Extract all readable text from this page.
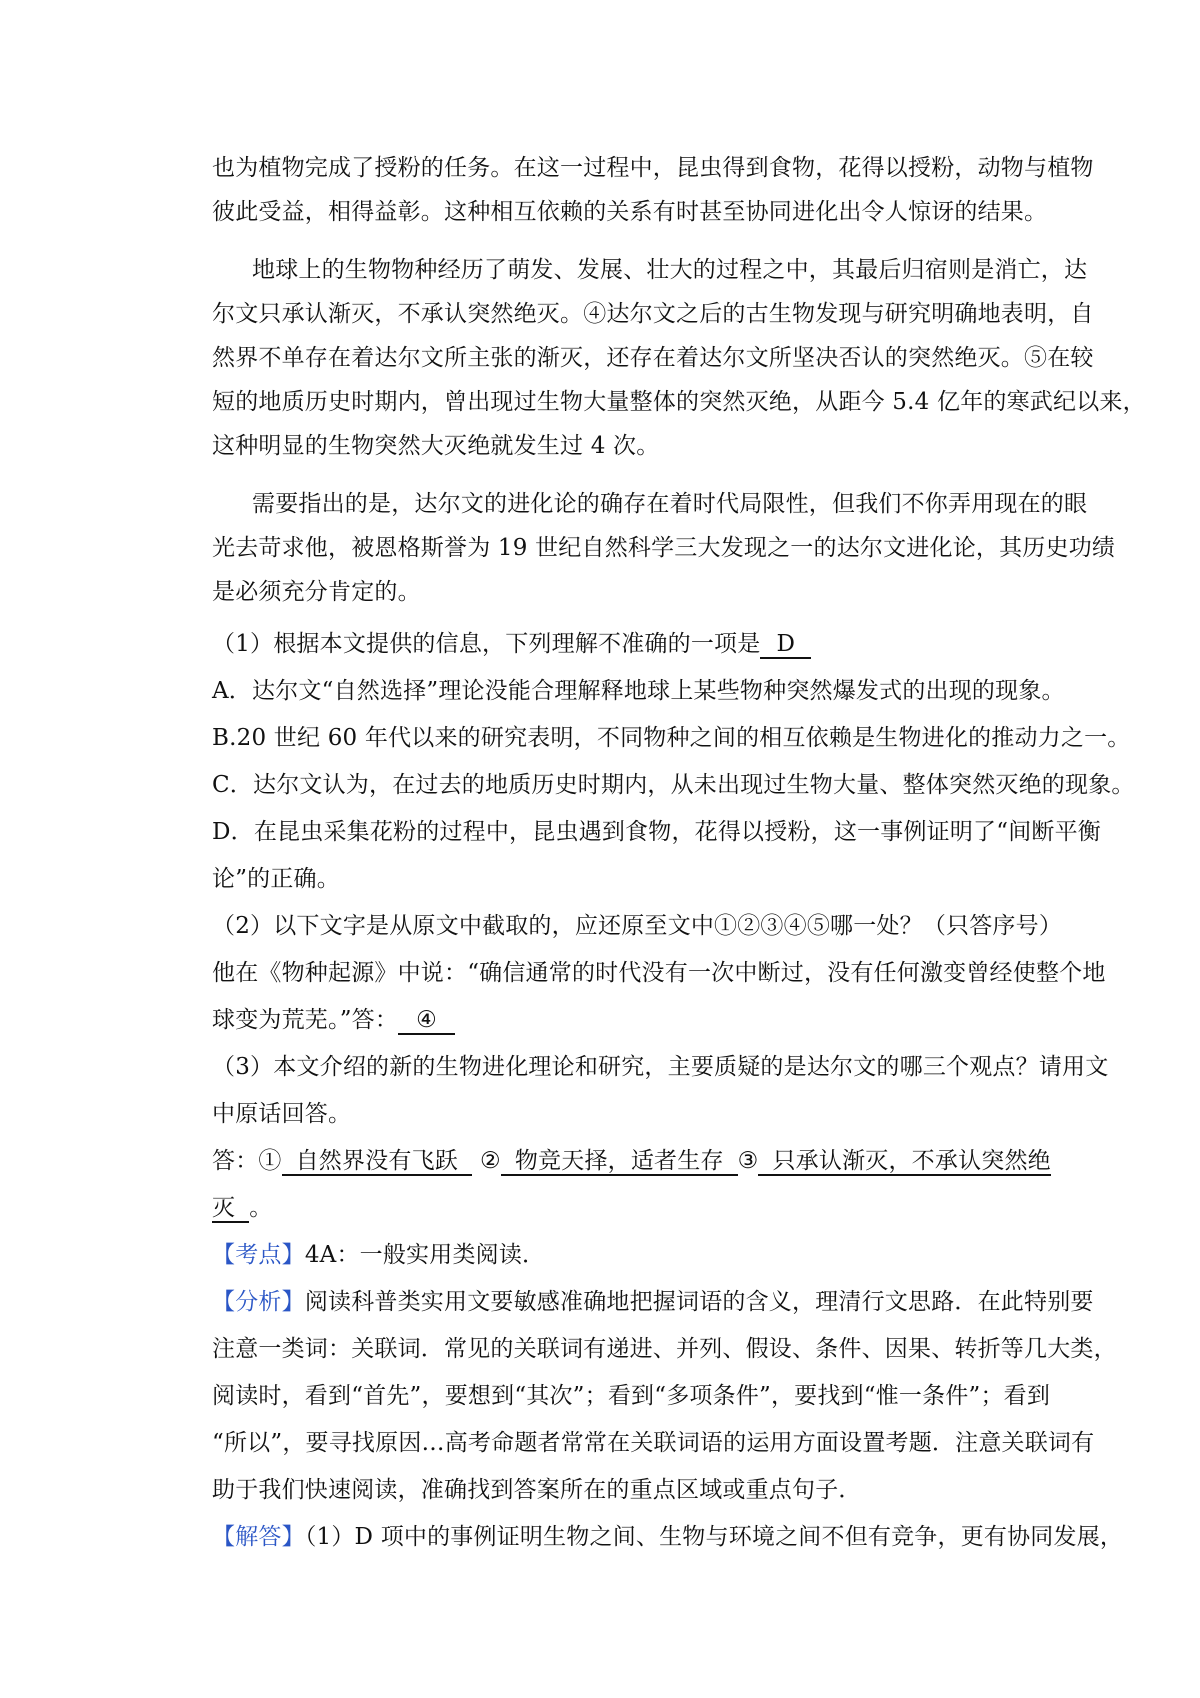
也为植物完成了授粉的任务。在这一过程中，昆虫得到食物，花得以授粉，动物与植物

彼此受益，相得益彰。这种相互依赖的关系有时甚至协同进化出令人惊讶的结果。

地球上的生物物种经历了萌发、发展、壮大的过程之中，其最后归宿则是消亡，达

尔文只承认渐灭，不承认突然绝灭。④达尔文之后的古生物发现与研究明确地表明，自

然界不单存在着达尔文所主张的渐灭，还存在着达尔文所坚决否认的突然绝灭。⑤在较

短的地质历史时期内，曾出现过生物大量整体的突然灭绝，从距今 5.4 亿年的寒武纪以来，

这种明显的生物突然大灭绝就发生过 4 次。

需要指出的是，达尔文的进化论的确存在着时代局限性，但我们不你弄用现在的眼

光去苛求他，被恩格斯誉为 19 世纪自然科学三大发现之一的达尔文进化论，其历史功绩

是必须充分肯定的。

（1）根据本文提供的信息，下列理解不准确的一项是 D

A．达尔文“自然选择”理论没能合理解释地球上某些物种突然爆发式的出现的现象。

B.20 世纪 60 年代以来的研究表明，不同物种之间的相互依赖是生物进化的推动力之一。

C．达尔文认为，在过去的地质历史时期内，从未出现过生物大量、整体突然灭绝的现象。

D．在昆虫采集花粉的过程中，昆虫遇到食物，花得以授粉，这一事例证明了“间断平衡

论”的正确。

（2）以下文字是从原文中截取的，应还原至文中①②③④⑤哪一处？（只答序号）

他在《物种起源》中说：“确信通常的时代没有一次中断过，没有任何激变曾经使整个地

球变为荒芜。”答： ④

（3）本文介绍的新的生物进化理论和研究，主要质疑的是达尔文的哪三个观点？请用文

中原话回答。

答：① 自然界没有飞跃 ② 物竞天择，适者生存 ③ 只承认渐灭，不承认突然绝

灭 。

【考点】4A：一般实用类阅读．

【分析】阅读科普类实用文要敏感准确地把握词语的含义，理清行文思路．在此特别要

注意一类词：关联词．常见的关联词有递进、并列、假设、条件、因果、转折等几大类，

阅读时，看到“首先”，要想到“其次”；看到“多项条件”，要找到“惟一条件”；看到

“所以”，要寻找原因…高考命题者常常在关联词语的运用方面设置考题．注意关联词有

助于我们快速阅读，准确找到答案所在的重点区域或重点句子．

【解答】（1）D 项中的事例证明生物之间、生物与环境之间不但有竞争，更有协同发展，
